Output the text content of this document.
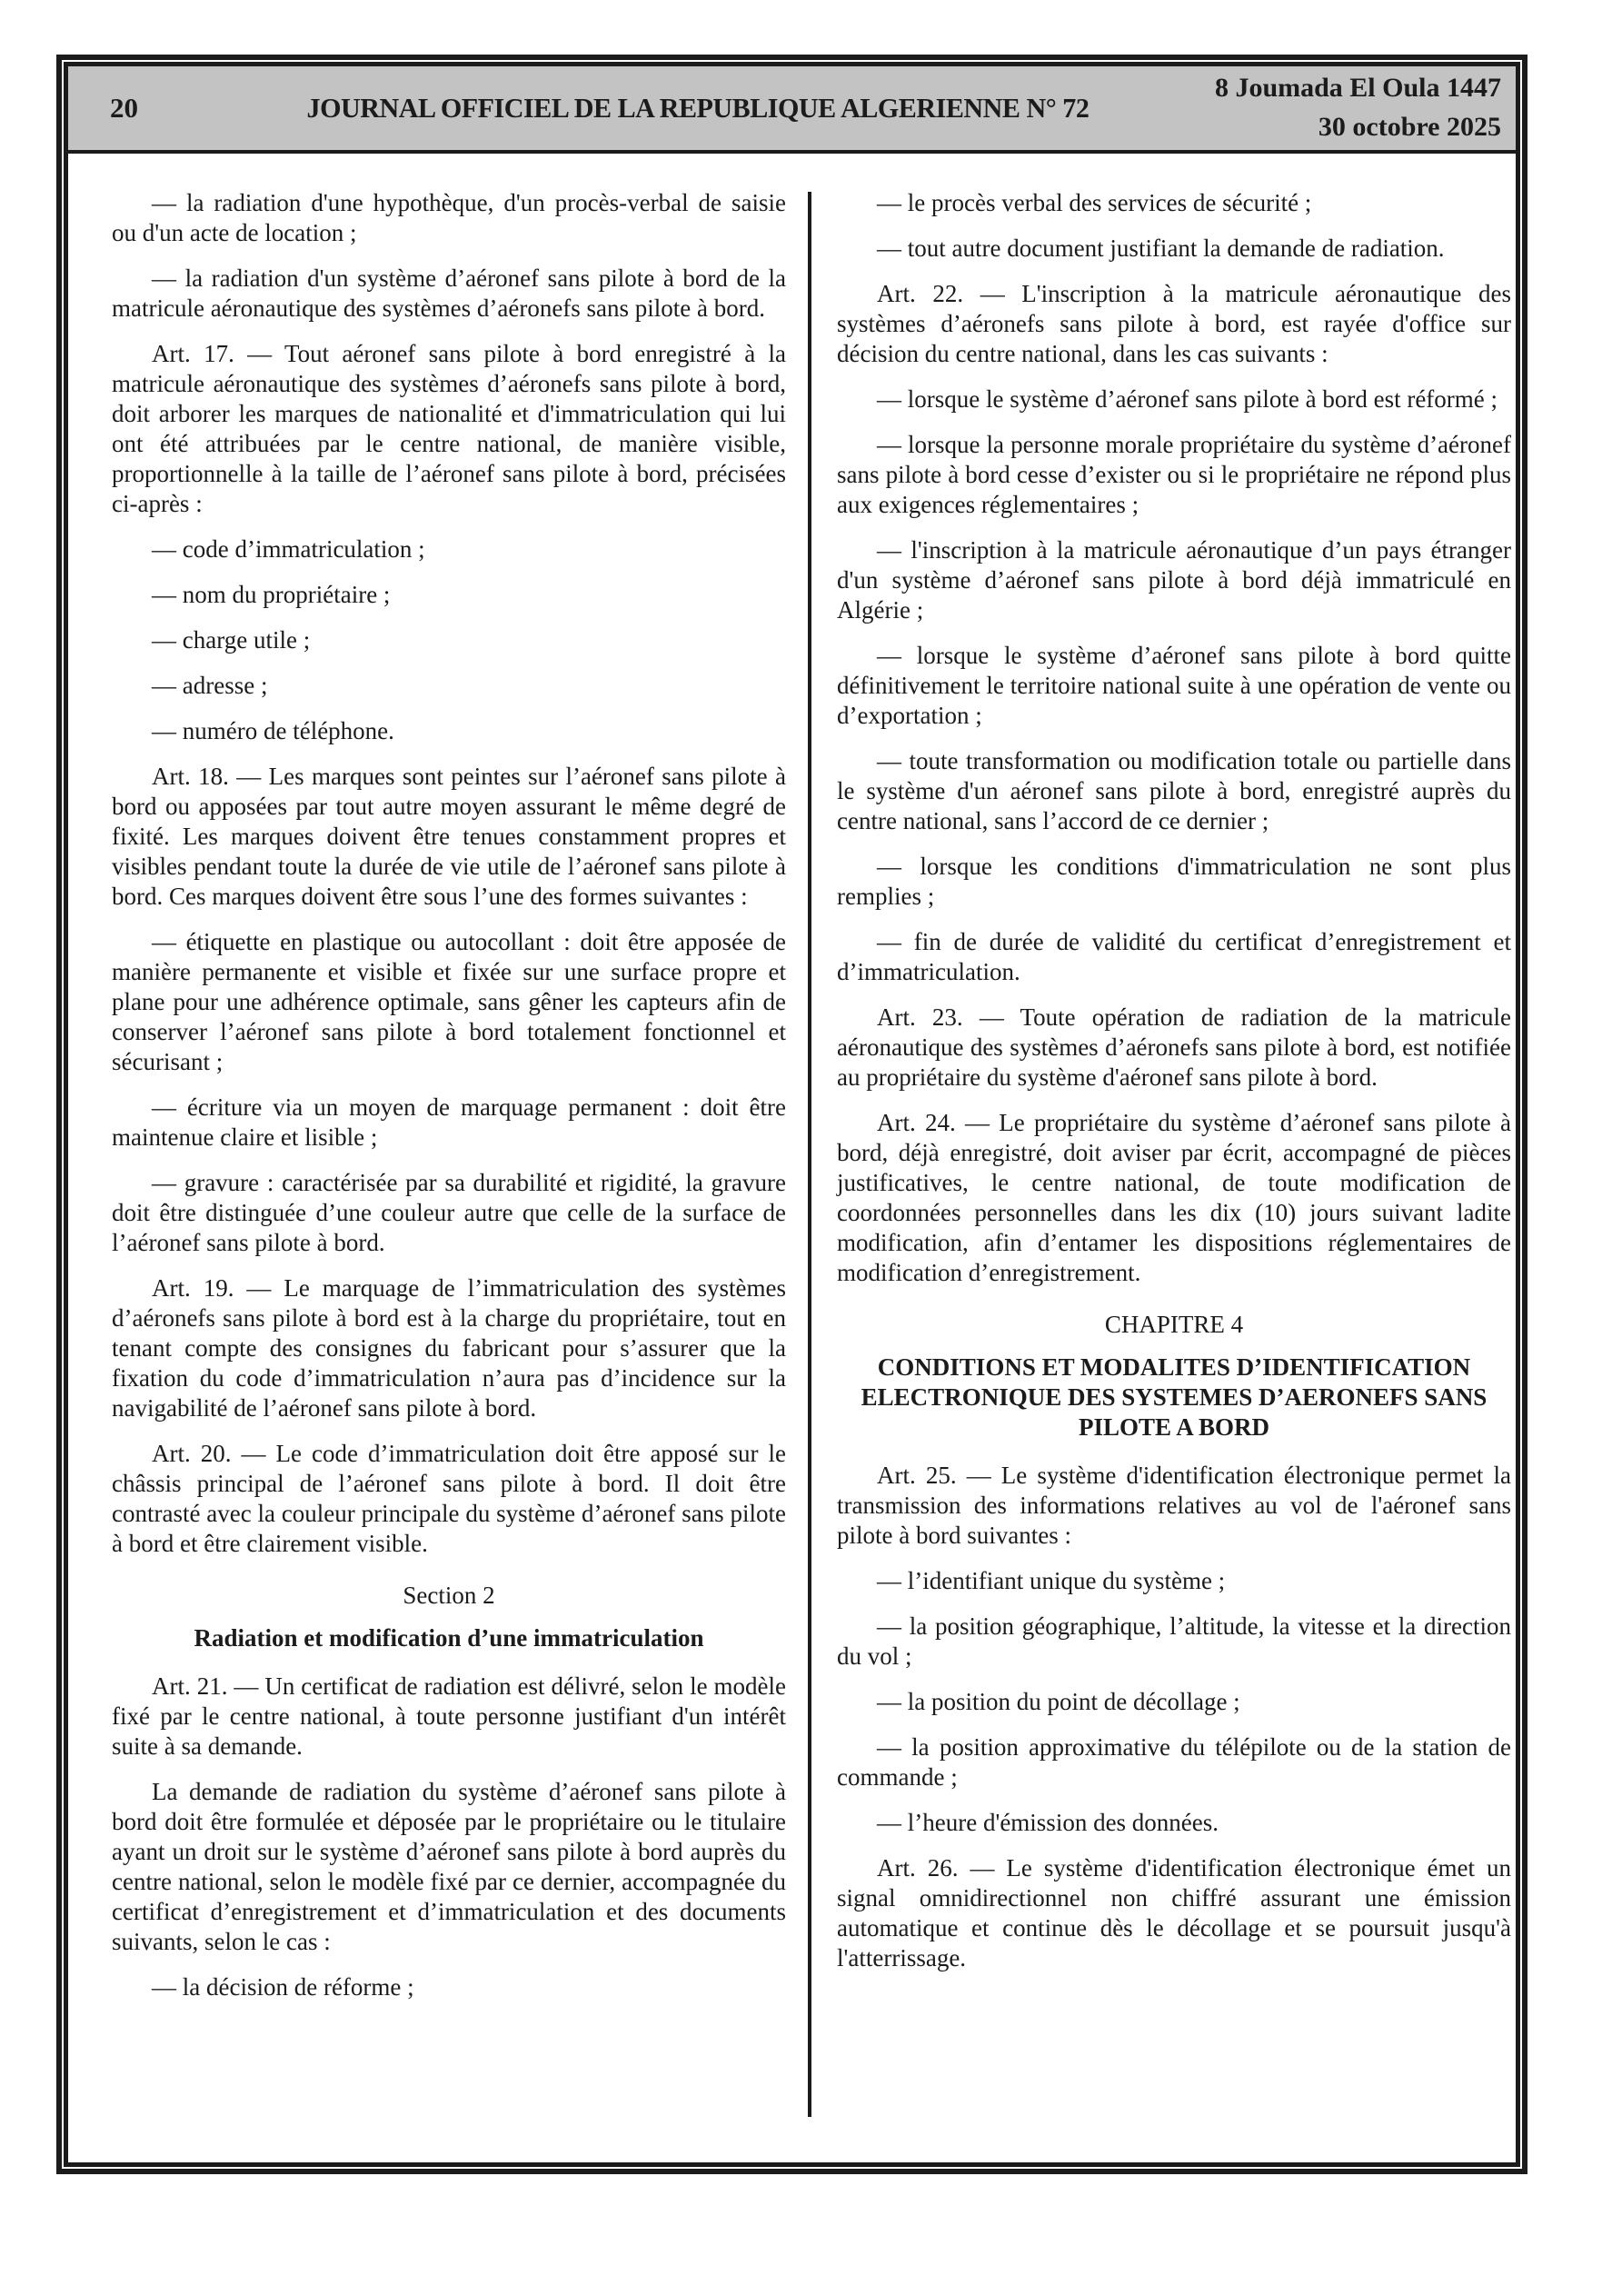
20	JOURNAL OFFICIEL DE LA REPUBLIQUE ALGERIENNE N° 72
8 Joumada El Oula 1447
30 octobre 2025

— la radiation d'une hypothèque, d'un procès-verbal de saisie ou d'un acte de location ;

— la radiation d'un système d’aéronef sans pilote à bord de la matricule aéronautique des systèmes d’aéronefs sans pilote à bord.

Art. 17. — Tout aéronef sans pilote à bord enregistré à la matricule aéronautique des systèmes d’aéronefs sans pilote à bord, doit arborer les marques de nationalité et d'immatriculation qui lui ont été attribuées par le centre national, de manière visible, proportionnelle à la taille de l’aéronef sans pilote à bord, précisées ci-après :

— code d’immatriculation ;

— nom du propriétaire ;

— charge utile ;

— adresse ;

— numéro de téléphone.

Art. 18. — Les marques sont peintes sur l’aéronef sans pilote à bord ou apposées par tout autre moyen assurant le même degré de fixité. Les marques doivent être tenues constamment propres et visibles pendant toute la durée de vie utile de l’aéronef sans pilote à bord. Ces marques doivent être sous l’une des formes suivantes :

— étiquette en plastique ou autocollant : doit être apposée de manière permanente et visible et fixée sur une surface propre et plane pour une adhérence optimale, sans gêner les capteurs afin de conserver l’aéronef sans pilote à bord totalement fonctionnel et sécurisant ;

— écriture via un moyen de marquage permanent : doit être maintenue claire et lisible ;

— gravure : caractérisée par sa durabilité et rigidité, la gravure doit être distinguée d’une couleur autre que celle de la surface de l’aéronef sans pilote à bord.

Art. 19. — Le marquage de l’immatriculation des systèmes d’aéronefs sans pilote à bord est à la charge du propriétaire, tout en tenant compte des consignes du fabricant pour s’assurer que la fixation du code d’immatriculation n’aura pas d’incidence sur la navigabilité de l’aéronef sans pilote à bord.

Art. 20. — Le code d’immatriculation doit être apposé sur le châssis principal de l’aéronef sans pilote à bord. Il doit être contrasté avec la couleur principale du système d’aéronef sans pilote à bord et être clairement visible.

Section 2

Radiation et modification d’une immatriculation

Art. 21. — Un certificat de radiation est délivré, selon le modèle fixé par le centre national, à toute personne justifiant d'un intérêt suite à sa demande.

La demande de radiation du système d’aéronef sans pilote à bord doit être formulée et déposée par le propriétaire ou le titulaire ayant un droit sur le système d’aéronef sans pilote à bord auprès du centre national, selon le modèle fixé par ce dernier, accompagnée du certificat d’enregistrement et d’immatriculation et des documents suivants, selon le cas :

— la décision de réforme ;

— le procès verbal des services de sécurité ;

— tout autre document justifiant la demande de radiation.

Art. 22. — L'inscription à la matricule aéronautique des systèmes d’aéronefs sans pilote à bord, est rayée d'office sur décision du centre national, dans les cas suivants :

— lorsque le système d’aéronef sans pilote à bord est réformé ;

— lorsque la personne morale propriétaire du système d’aéronef sans pilote à bord cesse d’exister ou si le propriétaire ne répond plus aux exigences réglementaires ;

— l'inscription à la matricule aéronautique d’un pays étranger d'un système d’aéronef sans pilote à bord déjà immatriculé en Algérie ;

— lorsque le système d’aéronef sans pilote à bord quitte définitivement le territoire national suite à une opération de vente ou d’exportation ;

— toute transformation ou modification totale ou partielle dans le système d'un aéronef sans pilote à bord, enregistré auprès du centre national, sans l’accord de ce dernier ;

— lorsque les conditions d'immatriculation ne sont plus remplies ;

— fin de durée de validité du certificat d’enregistrement et d’immatriculation.

Art. 23. — Toute opération de radiation de la matricule aéronautique des systèmes d’aéronefs sans pilote à bord, est notifiée au propriétaire du système d'aéronef sans pilote à bord.

Art. 24. — Le propriétaire du système d’aéronef sans pilote à bord, déjà enregistré, doit aviser par écrit, accompagné de pièces justificatives, le centre national, de toute modification de coordonnées personnelles dans les dix (10) jours suivant ladite modification, afin d’entamer les dispositions réglementaires de modification d’enregistrement.

CHAPITRE 4

CONDITIONS ET MODALITES D’IDENTIFICATION ELECTRONIQUE DES SYSTEMES D’AERONEFS SANS PILOTE A BORD

Art. 25. — Le système d'identification électronique permet la transmission des informations relatives au vol de l'aéronef sans pilote à bord suivantes :

— l’identifiant unique du système ;

— la position géographique, l’altitude, la vitesse et la direction du vol ;

— la position du point de décollage ;

— la position approximative du télépilote ou de la station de commande ;

— l’heure d'émission des données.

Art. 26. — Le système d'identification électronique émet un signal omnidirectionnel non chiffré assurant une émission automatique et continue dès le décollage et se poursuit jusqu'à l'atterrissage.
